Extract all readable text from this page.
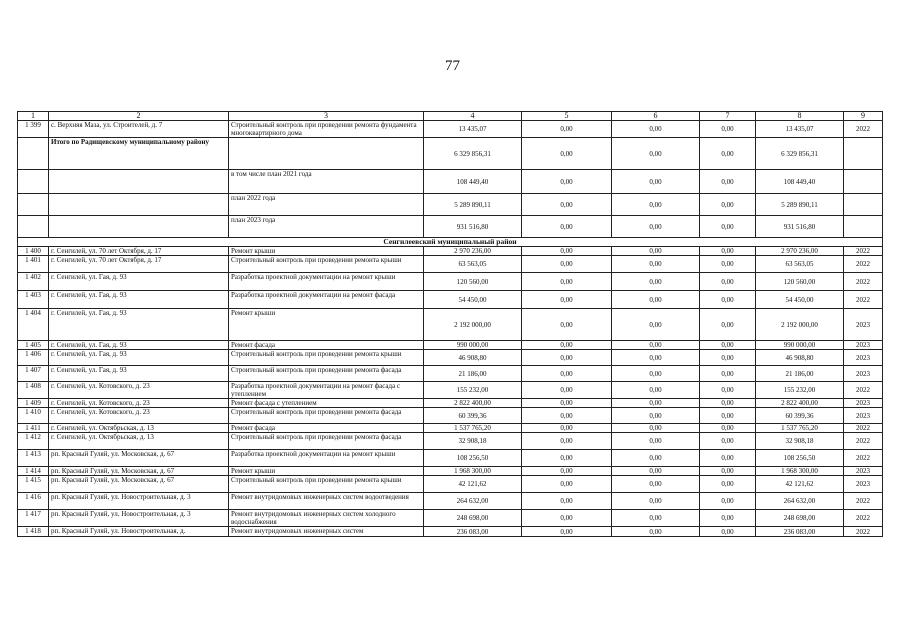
77
1	2	3	4	5	6	7	8	9
1 399	с. Верхняя Маза, ул. Строителей, д. 7	Строительный контроль при проведении ремонта фундамента многоквартирного дома	13 435,07	0,00	0,00	0,00	13 435,07	2022
	Итого по Радищевскому муниципальному району		6 329 856,31	0,00	0,00	0,00	6 329 856,31	
		в том числе план 2021 года	108 449,40	0,00	0,00	0,00	108 449,40	
		план 2022 года	5 289 890,11	0,00	0,00	0,00	5 289 890,11	
		план 2023 года	931 516,80	0,00	0,00	0,00	931 516,80	
Сенгилеевский муниципальный район								
1 400	г. Сенгилей, ул. 70 лет Октября, д. 17	Ремонт крыши	2 970 236,00	0,00	0,00	0,00	2 970 236,00	2022
1 401	г. Сенгилей, ул. 70 лет Октября, д. 17	Строительный контроль при проведении ремонта крыши	63 563,05	0,00	0,00	0,00	63 563,05	2022
1 402	г. Сенгилей, ул. Гая, д. 93	Разработка проектной документации на ремонт крыши	120 560,00	0,00	0,00	0,00	120 560,00	2022
1 403	г. Сенгилей, ул. Гая, д. 93	Разработка проектной документации на ремонт фасада	54 450,00	0,00	0,00	0,00	54 450,00	2022
1 404	г. Сенгилей, ул. Гая, д. 93	Ремонт крыши	2 192 000,00	0,00	0,00	0,00	2 192 000,00	2023
1 405	г. Сенгилей, ул. Гая, д. 93	Ремонт фасада	990 000,00	0,00	0,00	0,00	990 000,00	2023
1 406	г. Сенгилей, ул. Гая, д. 93	Строительный контроль при проведении ремонта крыши	46 908,80	0,00	0,00	0,00	46 908,80	2023
1 407	г. Сенгилей, ул. Гая, д. 93	Строительный контроль при проведении ремонта фасада	21 186,00	0,00	0,00	0,00	21 186,00	2023
1 408	г. Сенгилей, ул. Котовского, д. 23	Разработка проектной документации на ремонт фасада с утеплением	155 232,00	0,00	0,00	0,00	155 232,00	2022
1 409	г. Сенгилей, ул. Котовского, д. 23	Ремонт фасада с утеплением	2 822 400,00	0,00	0,00	0,00	2 822 400,00	2023
1 410	г. Сенгилей, ул. Котовского, д. 23	Строительный контроль при проведении ремонта фасада	60 399,36	0,00	0,00	0,00	60 399,36	2023
1 411	г. Сенгилей, ул. Октябрьская, д. 13	Ремонт фасада	1 537 765,20	0,00	0,00	0,00	1 537 765,20	2022
1 412	г. Сенгилей, ул. Октябрьская, д. 13	Строительный контроль при проведении ремонта фасада	32 908,18	0,00	0,00	0,00	32 908,18	2022
1 413	рп. Красный Гуляй, ул. Московская, д. 67	Разработка проектной документации на ремонт крыши	108 256,50	0,00	0,00	0,00	108 256,50	2022
1 414	рп. Красный Гуляй, ул. Московская, д. 67	Ремонт крыши	1 968 300,00	0,00	0,00	0,00	1 968 300,00	2023
1 415	рп. Красный Гуляй, ул. Московская, д. 67	Строительный контроль при проведении ремонта крыши	42 121,62	0,00	0,00	0,00	42 121,62	2023
1 416	рп. Красный Гуляй, ул. Новостроительная, д. 3	Ремонт внутридомовых инженерных систем водоотведения	264 632,00	0,00	0,00	0,00	264 632,00	2022
1 417	рп. Красный Гуляй, ул. Новостроительная, д. 3	Ремонт внутридомовых инженерных систем холодного водоснабжения	248 698,00	0,00	0,00	0,00	248 698,00	2022
1 418	рп. Красный Гуляй, ул. Новостроительная, д.	Ремонт внутридомовых инженерных систем	236 083,00	0,00	0,00	0,00	236 083,00	2022
